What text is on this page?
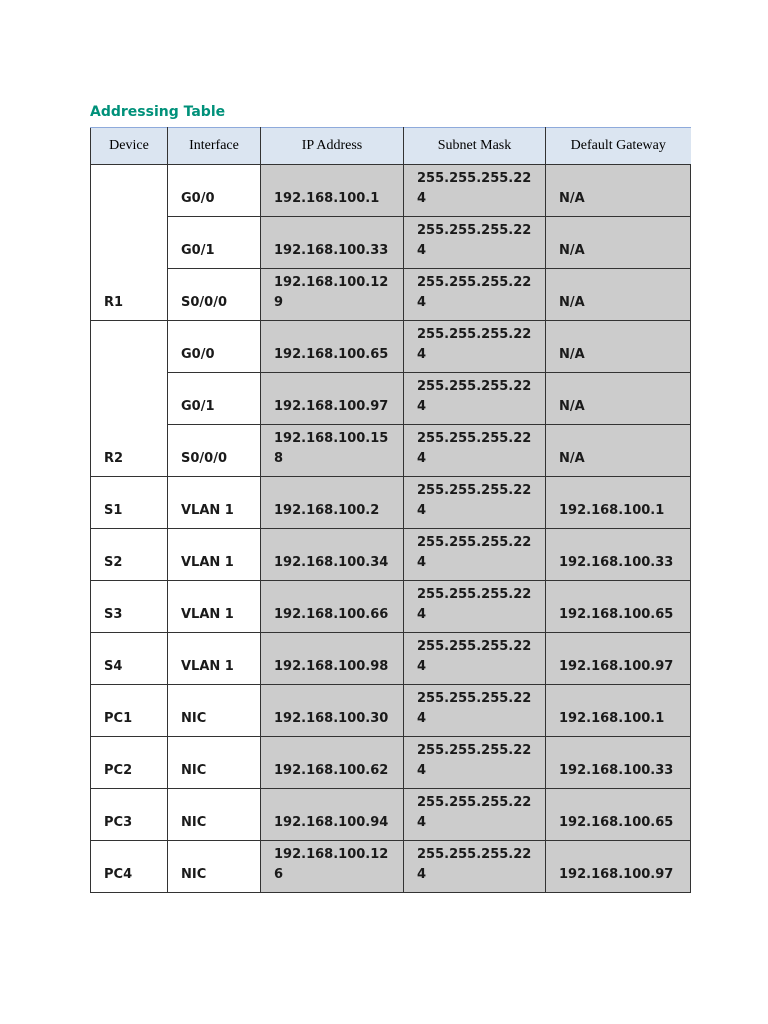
Addressing Table
Device	Interface	IP Address	Subnet Mask	Default Gateway
R1	G0/0	192.168.100.1	255.255.255.224	N/A
	G0/1	192.168.100.33	255.255.255.224	N/A
	S0/0/0	192.168.100.129	255.255.255.224	N/A
R2	G0/0	192.168.100.65	255.255.255.224	N/A
	G0/1	192.168.100.97	255.255.255.224	N/A
	S0/0/0	192.168.100.158	255.255.255.224	N/A
S1	VLAN 1	192.168.100.2	255.255.255.224	192.168.100.1
S2	VLAN 1	192.168.100.34	255.255.255.224	192.168.100.33
S3	VLAN 1	192.168.100.66	255.255.255.224	192.168.100.65
S4	VLAN 1	192.168.100.98	255.255.255.224	192.168.100.97
PC1	NIC	192.168.100.30	255.255.255.224	192.168.100.1
PC2	NIC	192.168.100.62	255.255.255.224	192.168.100.33
PC3	NIC	192.168.100.94	255.255.255.224	192.168.100.65
PC4	NIC	192.168.100.126	255.255.255.224	192.168.100.97
